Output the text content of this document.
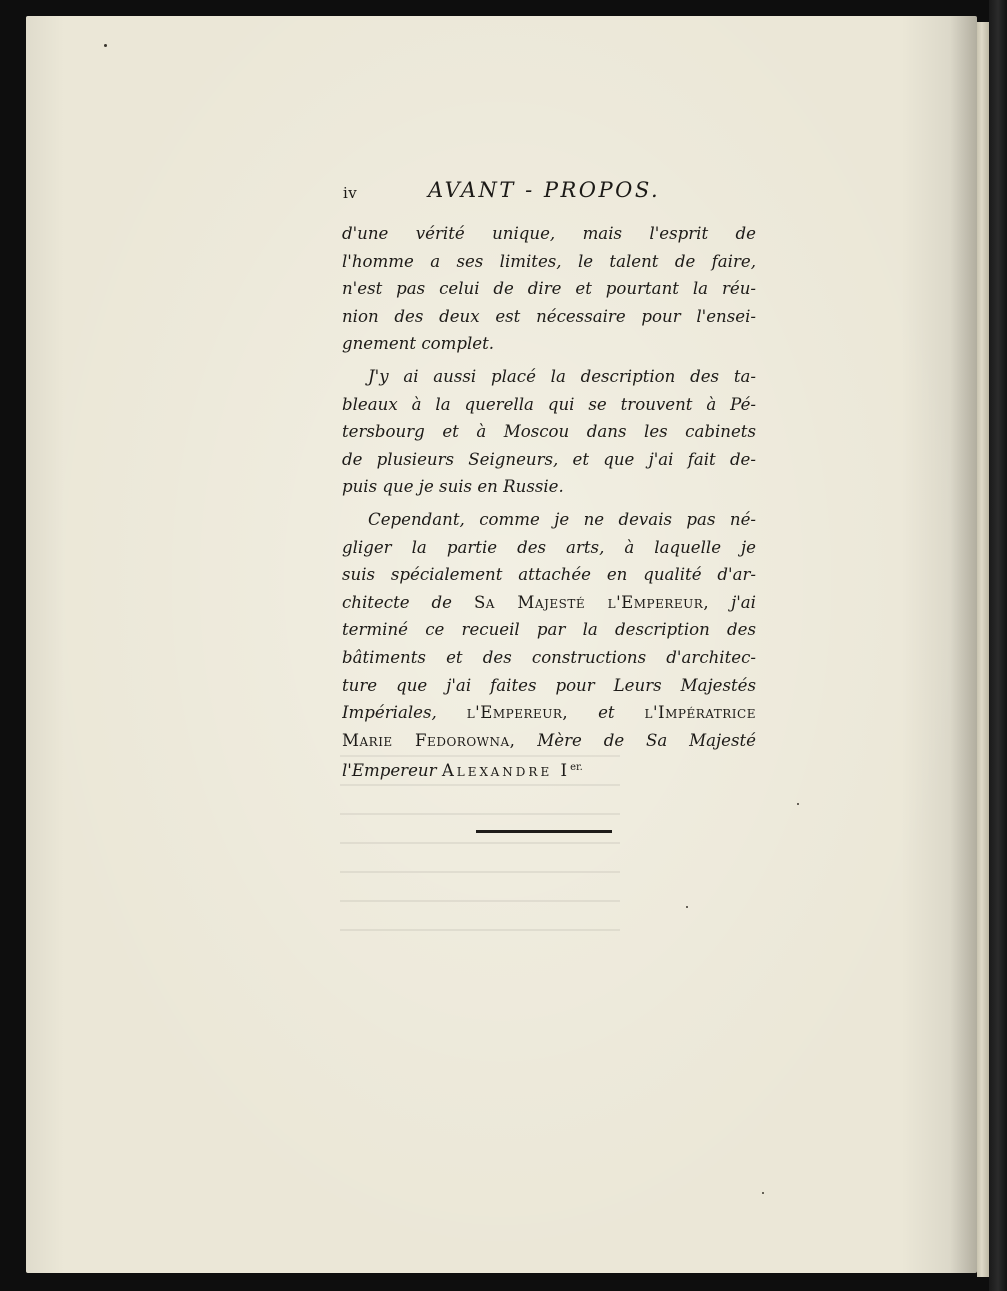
iv	AVANT - PROPOS.
d'une vérité unique, mais l'esprit de
l'homme a ses limites, le talent de faire,
n'est pas celui de dire et pourtant la réu-
nion des deux est nécessaire pour l'ensei-
gnement complet.
J'y ai aussi placé la description des ta-
bleaux à la querella qui se trouvent à Pé-
tersbourg et à Moscou dans les cabinets
de plusieurs Seigneurs, et que j'ai fait de-
puis que je suis en Russie.
Cependant, comme je ne devais pas né-
gliger la partie des arts, à laquelle je
suis spécialement attachée en qualité d'ar-
chitecte de Sa Majesté l'Empereur, j'ai
terminé ce recueil par la description des
bâtiments et des constructions d'architec-
ture que j'ai faites pour Leurs Majestés
Impériales, l'Empereur, et l'Impératrice
Marie Fedorowna, Mère de Sa Majesté
l'Empereur Alexandre $I^{er.}$
